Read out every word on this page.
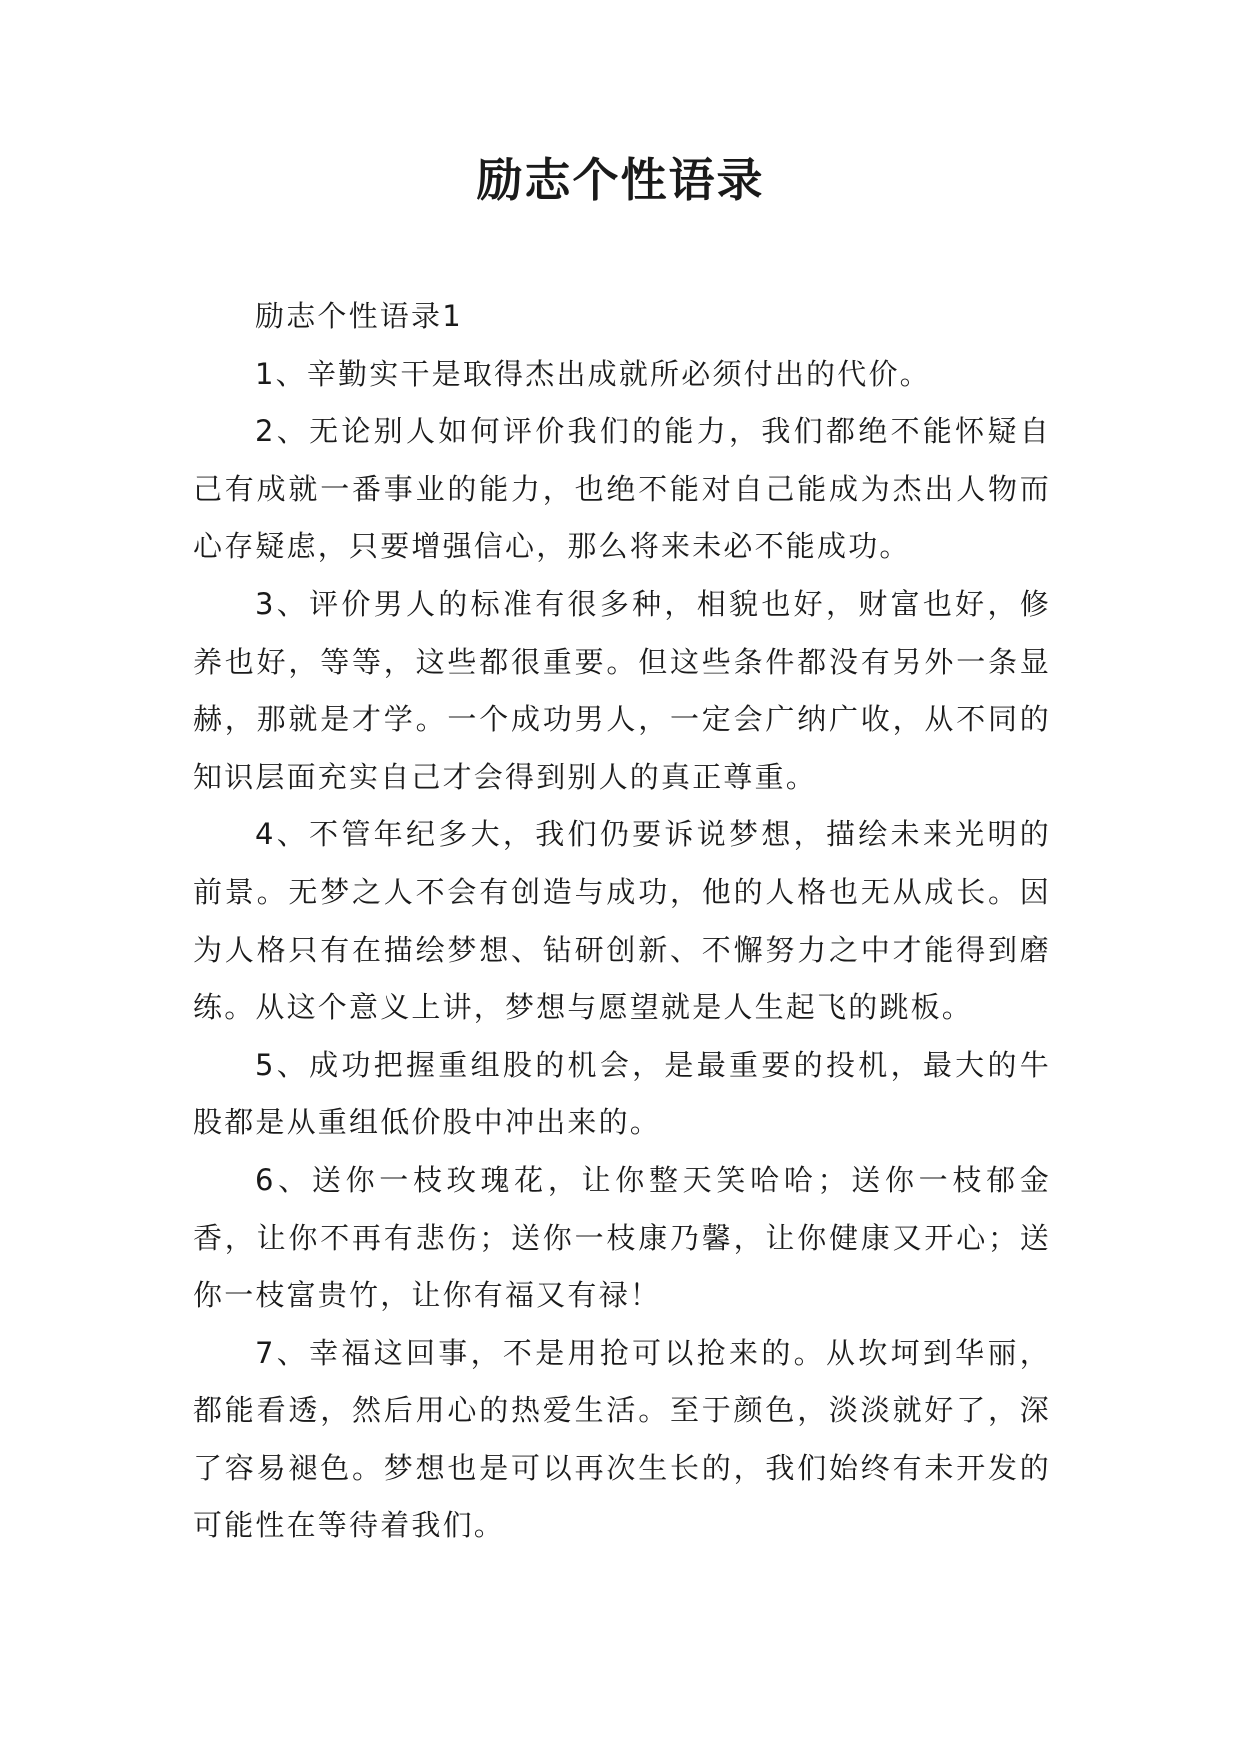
励志个性语录

励志个性语录1

1、辛勤实干是取得杰出成就所必须付出的代价。

2、无论别人如何评价我们的能力，我们都绝不能怀疑自己有成就一番事业的能力，也绝不能对自己能成为杰出人物而心存疑虑，只要增强信心，那么将来未必不能成功。

3、评价男人的标准有很多种，相貌也好，财富也好，修养也好，等等，这些都很重要。但这些条件都没有另外一条显赫，那就是才学。一个成功男人，一定会广纳广收，从不同的知识层面充实自己才会得到别人的真正尊重。

4、不管年纪多大，我们仍要诉说梦想，描绘未来光明的前景。无梦之人不会有创造与成功，他的人格也无从成长。因为人格只有在描绘梦想、钻研创新、不懈努力之中才能得到磨练。从这个意义上讲，梦想与愿望就是人生起飞的跳板。

5、成功把握重组股的机会，是最重要的投机，最大的牛股都是从重组低价股中冲出来的。

6、送你一枝玫瑰花，让你整天笑哈哈；送你一枝郁金香，让你不再有悲伤；送你一枝康乃馨，让你健康又开心；送你一枝富贵竹，让你有福又有禄！

7、幸福这回事，不是用抢可以抢来的。从坎坷到华丽，都能看透，然后用心的热爱生活。至于颜色，淡淡就好了，深了容易褪色。梦想也是可以再次生长的，我们始终有未开发的可能性在等待着我们。
